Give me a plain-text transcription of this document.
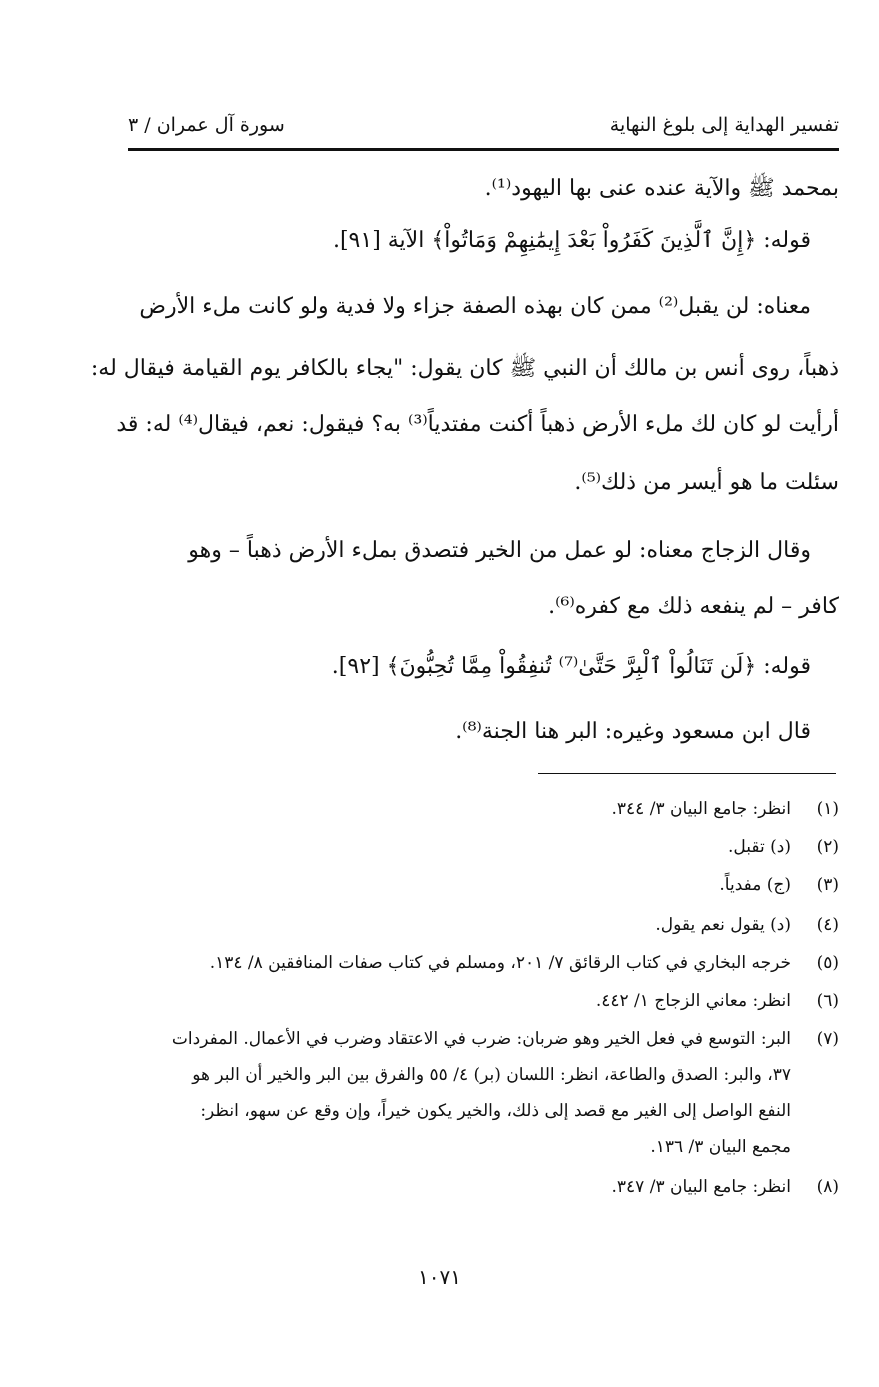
تفسير الهداية إلى بلوغ النهاية
سورة آل عمران / ٣
بمحمد ﷺ والآية عنده عنى بها اليهود⁽¹⁾.
قوله: ﴿إِنَّ ٱلَّذِينَ كَفَرُواْ بَعْدَ إِيمَٰنِهِمْ وَمَاتُواْ﴾ الآية [٩١].
معناه: لن يقبل⁽²⁾ ممن كان بهذه الصفة جزاء ولا فدية ولو كانت ملء الأرض
ذهباً، روى أنس بن مالك أن النبي ﷺ كان يقول: "يجاء بالكافر يوم القيامة فيقال له:
أرأيت لو كان لك ملء الأرض ذهباً أكنت مفتدياً⁽³⁾ به؟ فيقول: نعم، فيقال⁽⁴⁾ له: قد
سئلت ما هو أيسر من ذلك⁽⁵⁾.
وقال الزجاج معناه: لو عمل من الخير فتصدق بملء الأرض ذهباً – وهو
كافر – لم ينفعه ذلك مع كفره⁽⁶⁾.
قوله: ﴿لَن تَنَالُواْ ٱلْبِرَّ حَتَّىٰ⁽⁷⁾ تُنفِقُواْ مِمَّا تُحِبُّونَ﴾ [٩٢].
قال ابن مسعود وغيره: البر هنا الجنة⁽⁸⁾.
(١)انظر: جامع البيان ٣/ ٣٤٤.
(٢)(د) تقبل.
(٣)(ج) مفدياً.
(٤)(د) يقول نعم يقول.
(٥)خرجه البخاري في كتاب الرقائق ٧/ ٢٠١، ومسلم في كتاب صفات المنافقين ٨/ ١٣٤.
(٦)انظر: معاني الزجاج ١/ ٤٤٢.
(٧)البر: التوسع في فعل الخير وهو ضربان: ضرب في الاعتقاد وضرب في الأعمال. المفردات
٣٧، والبر: الصدق والطاعة، انظر: اللسان (بر) ٤/ ٥٥ والفرق بين البر والخير أن البر هو
النفع الواصل إلى الغير مع قصد إلى ذلك، والخير يكون خيراً، وإن وقع عن سهو، انظر:
مجمع البيان ٣/ ١٣٦.
(٨)انظر: جامع البيان ٣/ ٣٤٧.
١٠٧١
